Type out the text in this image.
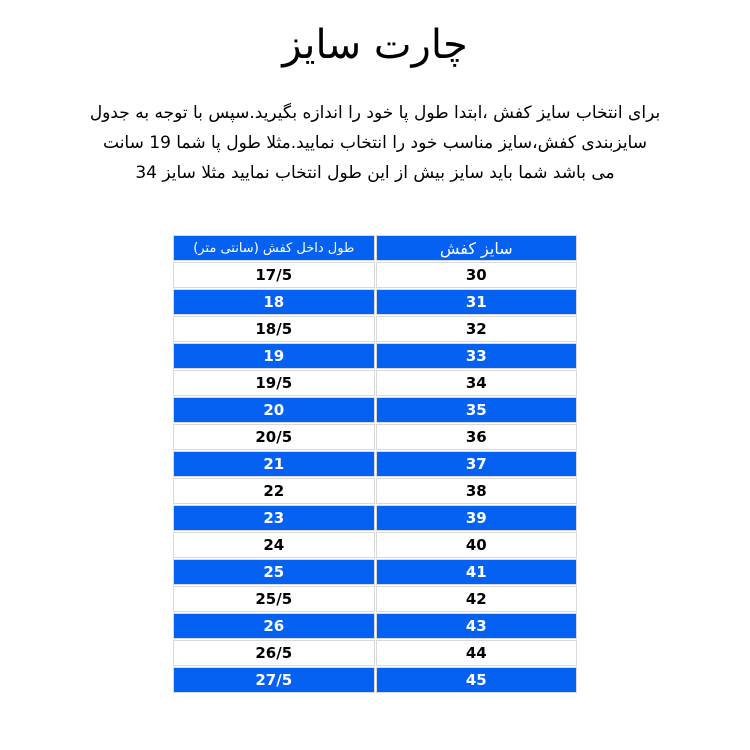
چارت سایز
برای انتخاب سایز کفش ،ابتدا طول پا خود را اندازه بگیرید.سپس با توجه به جدول
سایزبندی کفش،سایز مناسب خود را انتخاب نمایید.مثلا طول پا شما 19 سانت
می باشد شما باید سایز بیش از این طول انتخاب نمایید مثلا سایز 34
سایز کفش	طول داخل کفش (سانتی متر)
30	17/5
31	18
32	18/5
33	19
34	19/5
35	20
36	20/5
37	21
38	22
39	23
40	24
41	25
42	25/5
43	26
44	26/5
45	27/5
